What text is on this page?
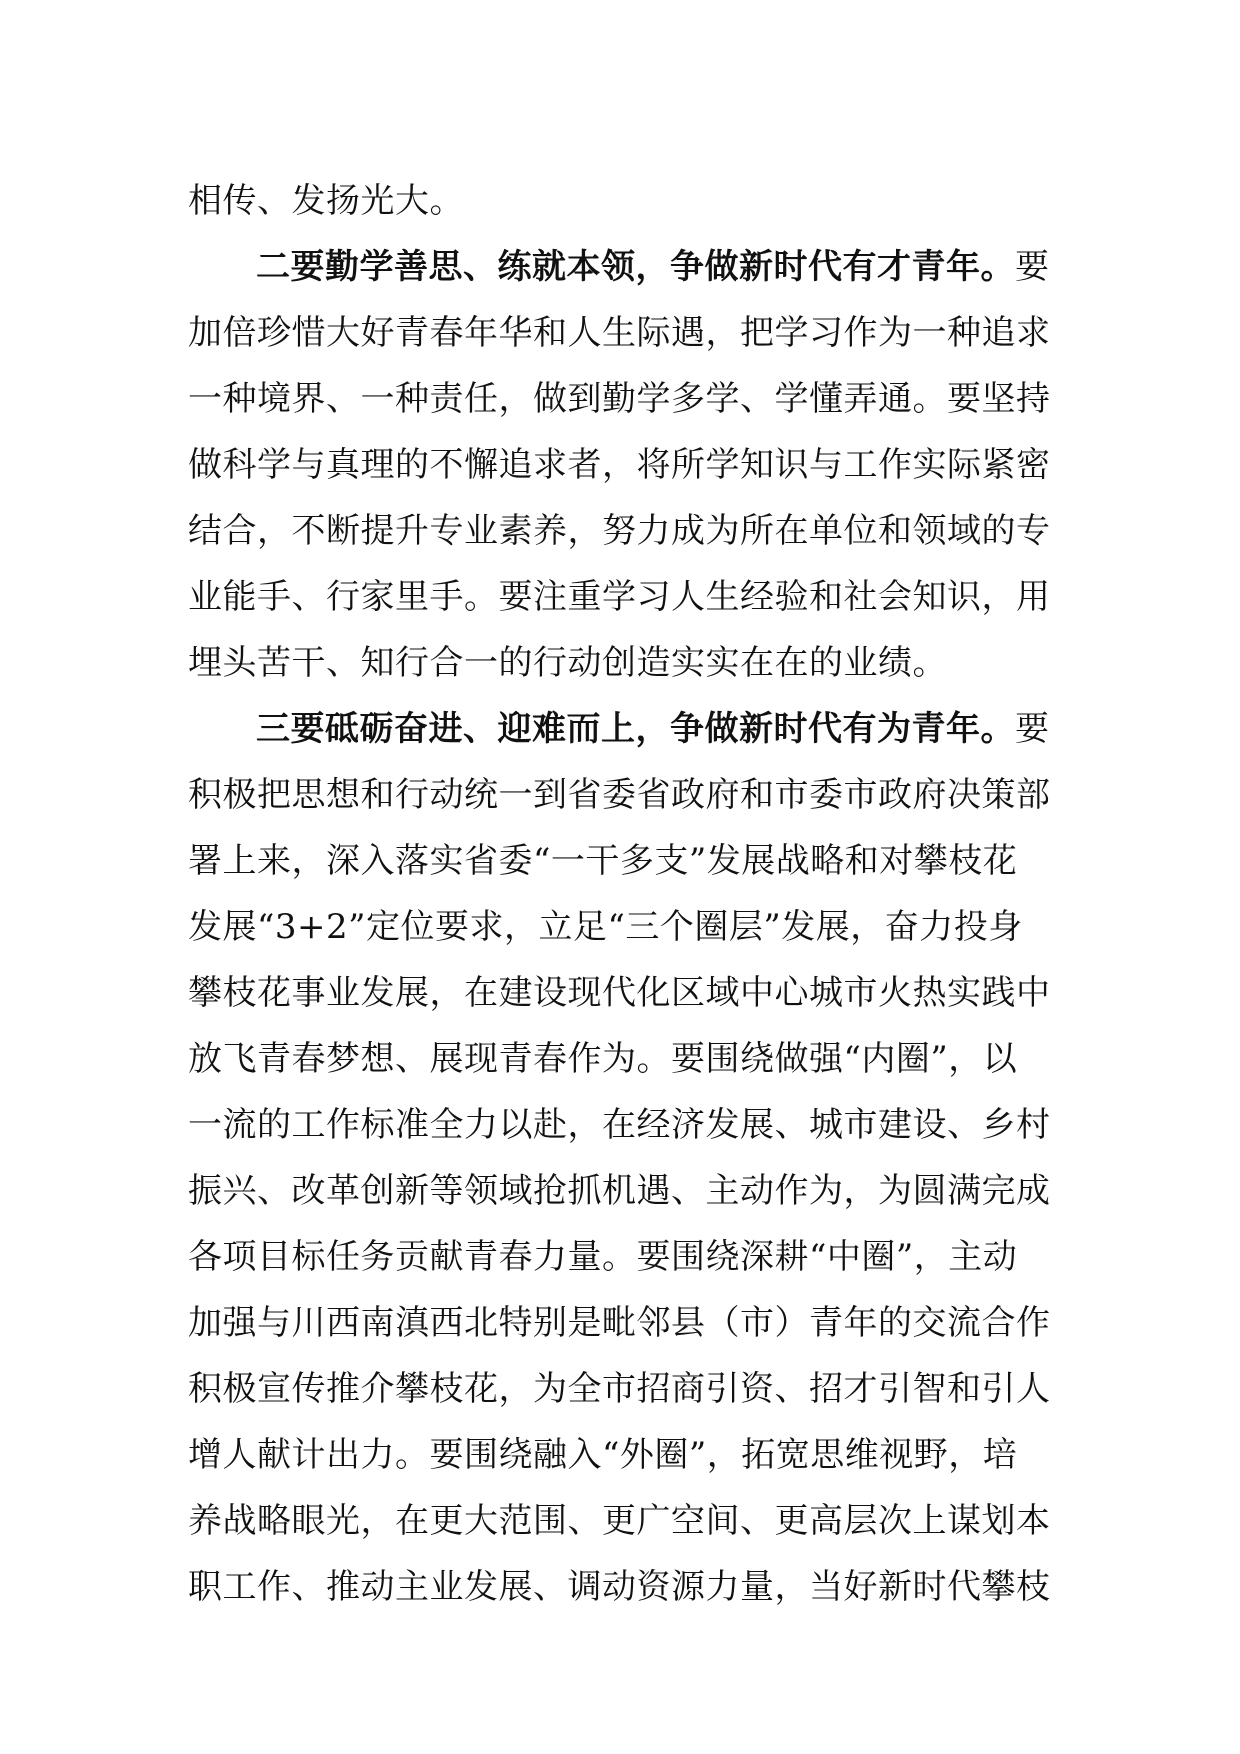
相传、发扬光大。
二要勤学善思、练就本领，争做新时代有才青年。要
加倍珍惜大好青春年华和人生际遇，把学习作为一种追求
一种境界、一种责任，做到勤学多学、学懂弄通。要坚持
做科学与真理的不懈追求者，将所学知识与工作实际紧密
结合，不断提升专业素养，努力成为所在单位和领域的专
业能手、行家里手。要注重学习人生经验和社会知识，用
埋头苦干、知行合一的行动创造实实在在的业绩。
三要砥砺奋进、迎难而上，争做新时代有为青年。要
积极把思想和行动统一到省委省政府和市委市政府决策部
署上来，深入落实省委“一干多支”发展战略和对攀枝花
发展“3+2”定位要求，立足“三个圈层”发展，奋力投身
攀枝花事业发展，在建设现代化区域中心城市火热实践中
放飞青春梦想、展现青春作为。要围绕做强“内圈”，以
一流的工作标准全力以赴，在经济发展、城市建设、乡村
振兴、改革创新等领域抢抓机遇、主动作为，为圆满完成
各项目标任务贡献青春力量。要围绕深耕“中圈”，主动
加强与川西南滇西北特别是毗邻县（市）青年的交流合作
积极宣传推介攀枝花，为全市招商引资、招才引智和引人
增人献计出力。要围绕融入“外圈”，拓宽思维视野，培
养战略眼光，在更大范围、更广空间、更高层次上谋划本
职工作、推动主业发展、调动资源力量，当好新时代攀枝
